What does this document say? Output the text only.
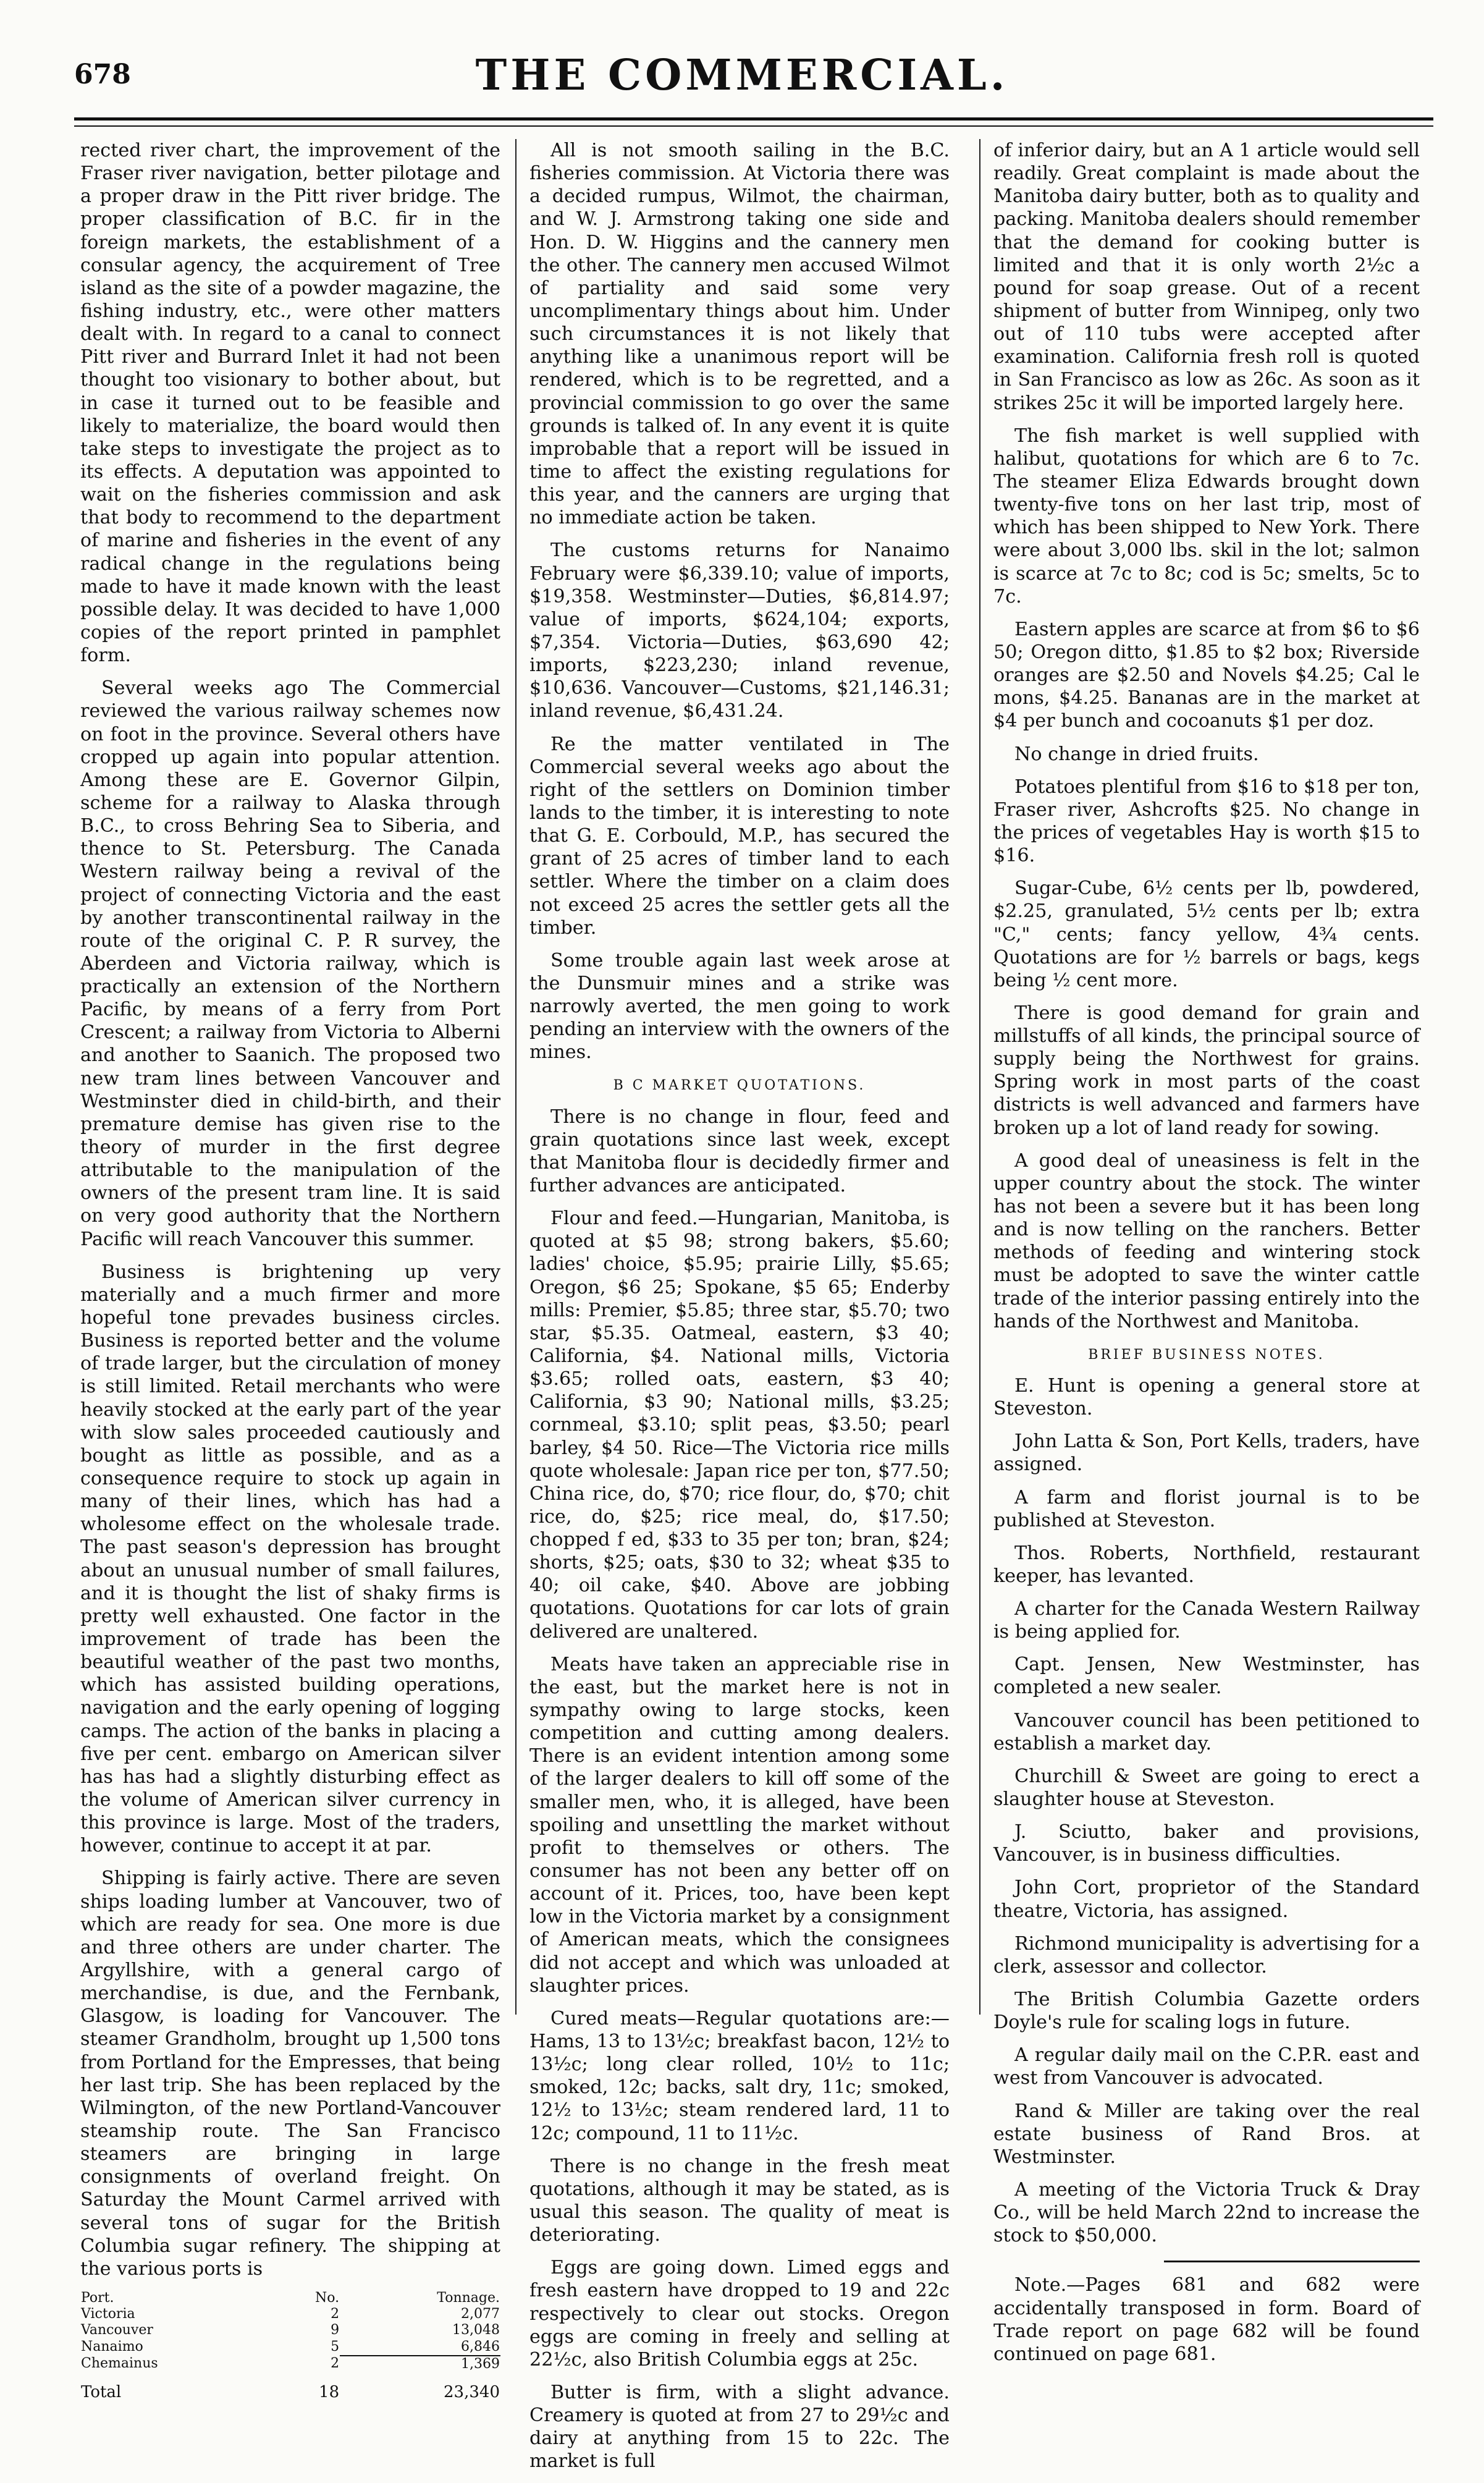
678	THE COMMERCIAL.

rected river chart, the improvement of the Fraser river navigation, better pilotage and a proper draw in the Pitt river bridge. The proper classification of B.C. fir in the foreign markets, the establishment of a consular agency, the acquirement of Tree island as the site of a powder magazine, the fishing industry, etc., were other matters dealt with. In regard to a canal to connect Pitt river and Burrard Inlet it had not been thought too visionary to bother about, but in case it turned out to be feasible and likely to materialize, the board would then take steps to investigate the project as to its effects. A deputation was appointed to wait on the fisheries commission and ask that body to recommend to the department of marine and fisheries in the event of any radical change in the regulations being made to have it made known with the least possible delay. It was decided to have 1,000 copies of the report printed in pamphlet form.

Several weeks ago The Commercial reviewed the various railway schemes now on foot in the province. Several others have cropped up again into popular attention. Among these are E. Governor Gilpin, scheme for a railway to Alaska through B.C., to cross Behring Sea to Siberia, and thence to St. Petersburg. The Canada Western railway being a revival of the project of connecting Victoria and the east by another transcontinental railway in the route of the original C. P. R survey, the Aberdeen and Victoria railway, which is practically an extension of the Northern Pacific, by means of a ferry from Port Crescent; a railway from Victoria to Alberni and another to Saanich. The proposed two new tram lines between Vancouver and Westminster died in child-birth, and their premature demise has given rise to the theory of murder in the first degree attributable to the manipulation of the owners of the present tram line. It is said on very good authority that the Northern Pacific will reach Vancouver this summer.

Business is brightening up very materially and a much firmer and more hopeful tone prevades business circles. Business is reported better and the volume of trade larger, but the circulation of money is still limited. Retail merchants who were heavily stocked at the early part of the year with slow sales proceeded cautiously and bought as little as possible, and as a consequence require to stock up again in many of their lines, which has had a wholesome effect on the wholesale trade. The past season's depression has brought about an unusual number of small failures, and it is thought the list of shaky firms is pretty well exhausted. One factor in the improvement of trade has been the beautiful weather of the past two months, which has assisted building operations, navigation and the early opening of logging camps. The action of the banks in placing a five per cent. embargo on American silver has has had a slightly disturbing effect as the volume of American silver currency in this province is large. Most of the traders, however, continue to accept it at par.

Shipping is fairly active. There are seven ships loading lumber at Vancouver, two of which are ready for sea. One more is due and three others are under charter. The Argyllshire, with a general cargo of merchandise, is due, and the Fernbank, Glasgow, is loading for Vancouver. The steamer Grandholm, brought up 1,500 tons from Portland for the Empresses, that being her last trip. She has been replaced by the Wilmington, of the new Portland-Vancouver steamship route. The San Francisco steamers are bringing in large consignments of overland freight. On Saturday the Mount Carmel arrived with several tons of sugar for the British Columbia sugar refinery. The shipping at the various ports is

Port.	No.	Tonnage.
Victoria	2	2,077
Vancouver	9	13,048
Nanaimo	5	6,846
Chemainus	2	1,369
Total	18	23,340

All is not smooth sailing in the B.C. fisheries commission. At Victoria there was a decided rumpus, Wilmot, the chairman, and W. J. Armstrong taking one side and Hon. D. W. Higgins and the cannery men the other. The cannery men accused Wilmot of partiality and said some very uncomplimentary things about him. Under such circumstances it is not likely that anything like a unanimous report will be rendered, which is to be regretted, and a provincial commission to go over the same grounds is talked of. In any event it is quite improbable that a report will be issued in time to affect the existing regulations for this year, and the canners are urging that no immediate action be taken.

The customs returns for Nanaimo February were $6,339.10; value of imports, $19,358. Westminster—Duties, $6,814.97; value of imports, $624,104; exports, $7,354. Victoria—Duties, $63,690 42; imports, $223,230; inland revenue, $10,636. Vancouver—Customs, $21,146.31; inland revenue, $6,431.24.

Re the matter ventilated in The Commercial several weeks ago about the right of the settlers on Dominion timber lands to the timber, it is interesting to note that G. E. Corbould, M.P., has secured the grant of 25 acres of timber land to each settler. Where the timber on a claim does not exceed 25 acres the settler gets all the timber.

Some trouble again last week arose at the Dunsmuir mines and a strike was narrowly averted, the men going to work pending an interview with the owners of the mines.

B C MARKET QUOTATIONS.

There is no change in flour, feed and grain quotations since last week, except that Manitoba flour is decidedly firmer and further advances are anticipated.

Flour and feed.—Hungarian, Manitoba, is quoted at $5 98; strong bakers, $5.60; ladies' choice, $5.95; prairie Lilly, $5.65; Oregon, $6 25; Spokane, $5 65; Enderby mills: Premier, $5.85; three star, $5.70; two star, $5.35. Oatmeal, eastern, $3 40; California, $4. National mills, Victoria $3.65; rolled oats, eastern, $3 40; California, $3 90; National mills, $3.25; cornmeal, $3.10; split peas, $3.50; pearl barley, $4 50. Rice—The Victoria rice mills quote wholesale: Japan rice per ton, $77.50; China rice, do, $70; rice flour, do, $70; chit rice, do, $25; rice meal, do, $17.50; chopped f ed, $33 to 35 per ton; bran, $24; shorts, $25; oats, $30 to 32; wheat $35 to 40; oil cake, $40. Above are jobbing quotations. Quotations for car lots of grain delivered are unaltered.

Meats have taken an appreciable rise in the east, but the market here is not in sympathy owing to large stocks, keen competition and cutting among dealers. There is an evident intention among some of the larger dealers to kill off some of the smaller men, who, it is alleged, have been spoiling and unsettling the market without profit to themselves or others. The consumer has not been any better off on account of it. Prices, too, have been kept low in the Victoria market by a consignment of American meats, which the consignees did not accept and which was unloaded at slaughter prices.

Cured meats—Regular quotations are:—Hams, 13 to 13½c; breakfast bacon, 12½ to 13½c; long clear rolled, 10½ to 11c; smoked, 12c; backs, salt dry, 11c; smoked, 12½ to 13½c; steam rendered lard, 11 to 12c; compound, 11 to 11½c.

There is no change in the fresh meat quotations, although it may be stated, as is usual this season. The quality of meat is deteriorating.

Eggs are going down. Limed eggs and fresh eastern have dropped to 19 and 22c respectively to clear out stocks. Oregon eggs are coming in freely and selling at 22½c, also British Columbia eggs at 25c.

Butter is firm, with a slight advance. Creamery is quoted at from 27 to 29½c and dairy at anything from 15 to 22c. The market is full

of inferior dairy, but an A 1 article would sell readily. Great complaint is made about the Manitoba dairy butter, both as to quality and packing. Manitoba dealers should remember that the demand for cooking butter is limited and that it is only worth 2½c a pound for soap grease. Out of a recent shipment of butter from Winnipeg, only two out of 110 tubs were accepted after examination. California fresh roll is quoted in San Francisco as low as 26c. As soon as it strikes 25c it will be imported largely here.

The fish market is well supplied with halibut, quotations for which are 6 to 7c. The steamer Eliza Edwards brought down twenty-five tons on her last trip, most of which has been shipped to New York. There were about 3,000 lbs. skil in the lot; salmon is scarce at 7c to 8c; cod is 5c; smelts, 5c to 7c.

Eastern apples are scarce at from $6 to $6 50; Oregon ditto, $1.85 to $2 box; Riverside oranges are $2.50 and Novels $4.25; Cal le mons, $4.25. Bananas are in the market at $4 per bunch and cocoanuts $1 per doz.

No change in dried fruits.

Potatoes plentiful from $16 to $18 per ton, Fraser river, Ashcrofts $25. No change in the prices of vegetables Hay is worth $15 to $16.

Sugar-Cube, 6½ cents per lb, powdered, $2.25, granulated, 5½ cents per lb; extra "C," cents; fancy yellow, 4¾ cents. Quotations are for ½ barrels or bags, kegs being ½ cent more.

There is good demand for grain and millstuffs of all kinds, the principal source of supply being the Northwest for grains. Spring work in most parts of the coast districts is well advanced and farmers have broken up a lot of land ready for sowing.

A good deal of uneasiness is felt in the upper country about the stock. The winter has not been a severe but it has been long and is now telling on the ranchers. Better methods of feeding and wintering stock must be adopted to save the winter cattle trade of the interior passing entirely into the hands of the Northwest and Manitoba.

BRIEF BUSINESS NOTES.

E. Hunt is opening a general store at Steveston.

John Latta & Son, Port Kells, traders, have assigned.

A farm and florist journal is to be published at Steveston.

Thos. Roberts, Northfield, restaurant keeper, has levanted.

A charter for the Canada Western Railway is being applied for.

Capt. Jensen, New Westminster, has completed a new sealer.

Vancouver council has been petitioned to establish a market day.

Churchill & Sweet are going to erect a slaughter house at Steveston.

J. Sciutto, baker and provisions, Vancouver, is in business difficulties.

John Cort, proprietor of the Standard theatre, Victoria, has assigned.

Richmond municipality is advertising for a clerk, assessor and collector.

The British Columbia Gazette orders Doyle's rule for scaling logs in future.

A regular daily mail on the C.P.R. east and west from Vancouver is advocated.

Rand & Miller are taking over the real estate business of Rand Bros. at Westminster.

A meeting of the Victoria Truck & Dray Co., will be held March 22nd to increase the stock to $50,000.

Note.—Pages 681 and 682 were accidentally transposed in form. Board of Trade report on page 682 will be found continued on page 681.
